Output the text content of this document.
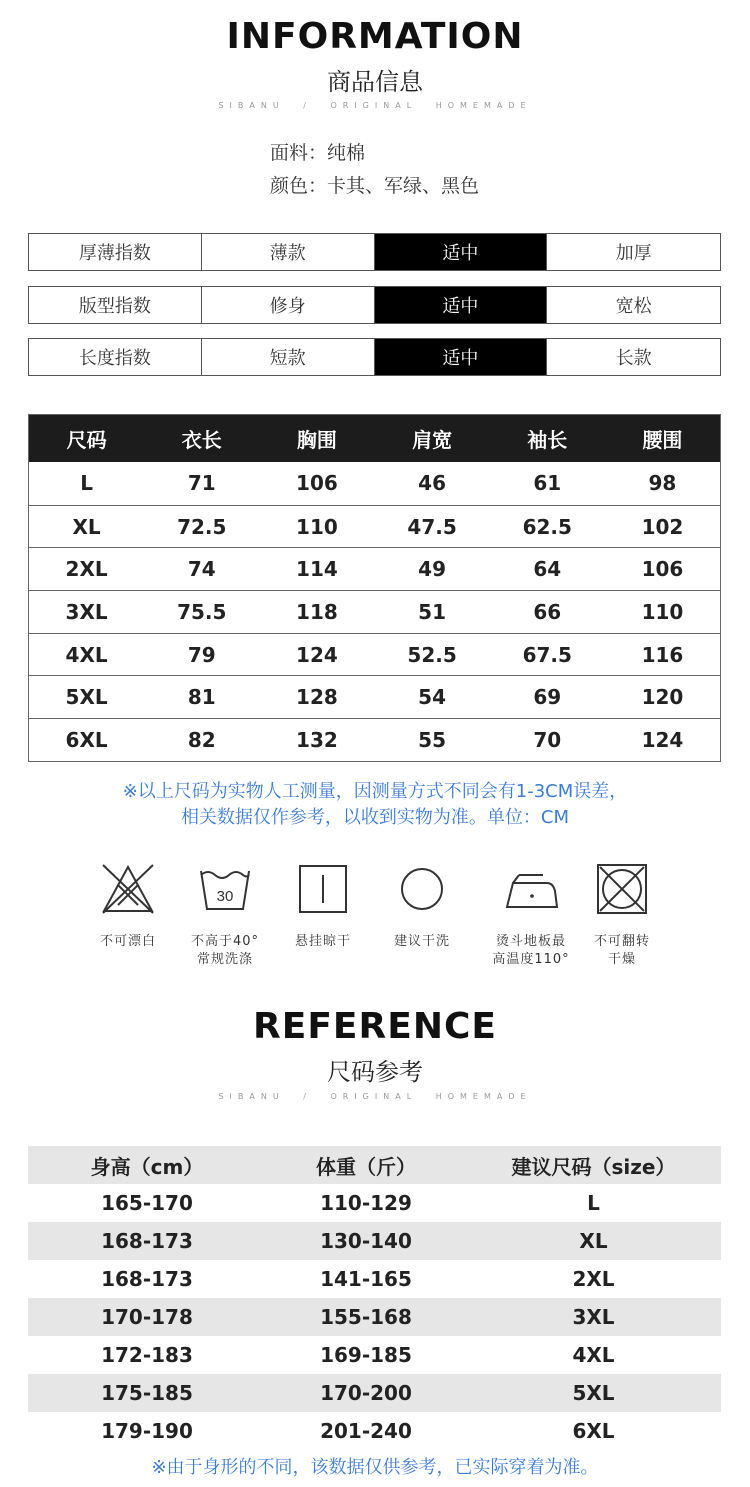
INFORMATION
商品信息
SIBANU / ORIGINAL HOMEMADE
面料：纯棉
颜色：卡其、军绿、黑色
厚薄指数	薄款	适中	加厚
版型指数	修身	适中	宽松
长度指数	短款	适中	长款
尺码	衣长	胸围	肩宽	袖长	腰围
L	71	106	46	61	98
XL	72.5	110	47.5	62.5	102
2XL	74	114	49	64	106
3XL	75.5	118	51	66	110
4XL	79	124	52.5	67.5	116
5XL	81	128	54	69	120
6XL	82	132	55	70	124
※以上尺码为实物人工测量，因测量方式不同会有1-3CM误差，
相关数据仅作参考，以收到实物为准。单位：CM
不可漂白
30
不高于40°
常规洗涤
悬挂晾干	建议干洗	烫斗地板最
高温度110°
不可翻转
干燥
REFERENCE
尺码参考
SIBANU / ORIGINAL HOMEMADE
身高（cm）	体重（斤）	建议尺码（size）
165-170	110-129	L
168-173	130-140	XL
168-173	141-165	2XL
170-178	155-168	3XL
172-183	169-185	4XL
175-185	170-200	5XL
179-190	201-240	6XL
※由于身形的不同，该数据仅供参考，已实际穿着为准。
